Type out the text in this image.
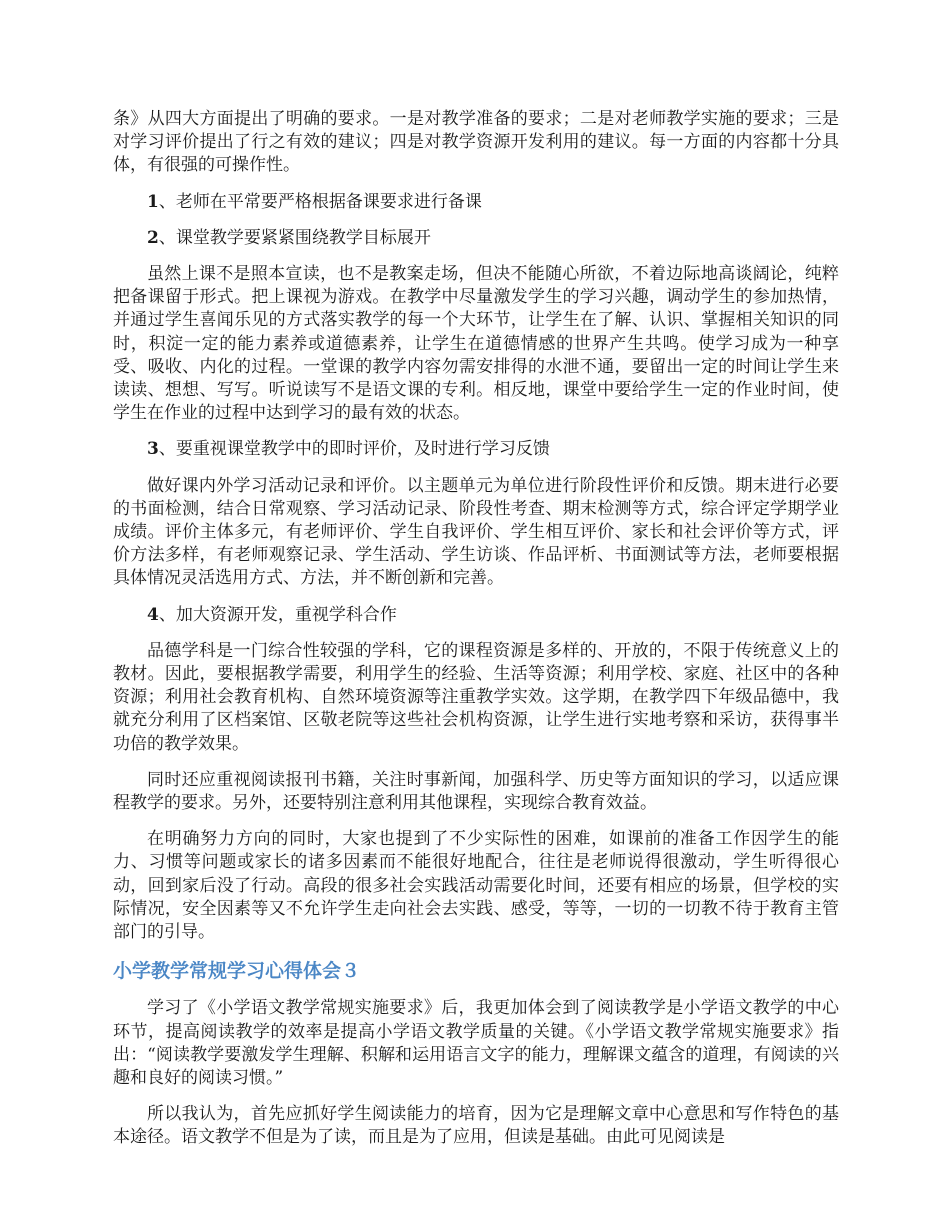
条》从四大方面提出了明确的要求。一是对教学准备的要求；二是对老师教学实施的要求；三是对学习评价提出了行之有效的建议；四是对教学资源开发利用的建议。每一方面的内容都十分具体，有很强的可操作性。

1、老师在平常要严格根据备课要求进行备课

2、课堂教学要紧紧围绕教学目标展开

虽然上课不是照本宣读，也不是教案走场，但决不能随心所欲，不着边际地高谈阔论，纯粹把备课留于形式。把上课视为游戏。在教学中尽量激发学生的学习兴趣，调动学生的参加热情，并通过学生喜闻乐见的方式落实教学的每一个大环节，让学生在了解、认识、掌握相关知识的同时，积淀一定的能力素养或道德素养，让学生在道德情感的世界产生共鸣。使学习成为一种享受、吸收、内化的过程。一堂课的教学内容勿需安排得的水泄不通，要留出一定的时间让学生来读读、想想、写写。听说读写不是语文课的专利。相反地，课堂中要给学生一定的作业时间，使学生在作业的过程中达到学习的最有效的状态。

3、要重视课堂教学中的即时评价，及时进行学习反馈

做好课内外学习活动记录和评价。以主题单元为单位进行阶段性评价和反馈。期末进行必要的书面检测，结合日常观察、学习活动记录、阶段性考查、期末检测等方式，综合评定学期学业成绩。评价主体多元，有老师评价、学生自我评价、学生相互评价、家长和社会评价等方式，评价方法多样，有老师观察记录、学生活动、学生访谈、作品评析、书面测试等方法，老师要根据具体情况灵活选用方式、方法，并不断创新和完善。

4、加大资源开发，重视学科合作

品德学科是一门综合性较强的学科，它的课程资源是多样的、开放的，不限于传统意义上的教材。因此，要根据教学需要，利用学生的经验、生活等资源；利用学校、家庭、社区中的各种资源；利用社会教育机构、自然环境资源等注重教学实效。这学期，在教学四下年级品德中，我就充分利用了区档案馆、区敬老院等这些社会机构资源，让学生进行实地考察和采访，获得事半功倍的教学效果。

同时还应重视阅读报刊书籍，关注时事新闻，加强科学、历史等方面知识的学习，以适应课程教学的要求。另外，还要特别注意利用其他课程，实现综合教育效益。

在明确努力方向的同时，大家也提到了不少实际性的困难，如课前的准备工作因学生的能力、习惯等问题或家长的诸多因素而不能很好地配合，往往是老师说得很激动，学生听得很心动，回到家后没了行动。高段的很多社会实践活动需要化时间，还要有相应的场景，但学校的实际情况，安全因素等又不允许学生走向社会去实践、感受，等等，一切的一切教不待于教育主管部门的引导。

小学教学常规学习心得体会３

学习了《小学语文教学常规实施要求》后，我更加体会到了阅读教学是小学语文教学的中心环节，提高阅读教学的效率是提高小学语文教学质量的关键。《小学语文教学常规实施要求》指出：“阅读教学要激发学生理解、积解和运用语言文字的能力，理解课文蕴含的道理，有阅读的兴趣和良好的阅读习惯。”

所以我认为，首先应抓好学生阅读能力的培育，因为它是理解文章中心意思和写作特色的基本途径。语文教学不但是为了读，而且是为了应用，但读是基础。由此可见阅读是
